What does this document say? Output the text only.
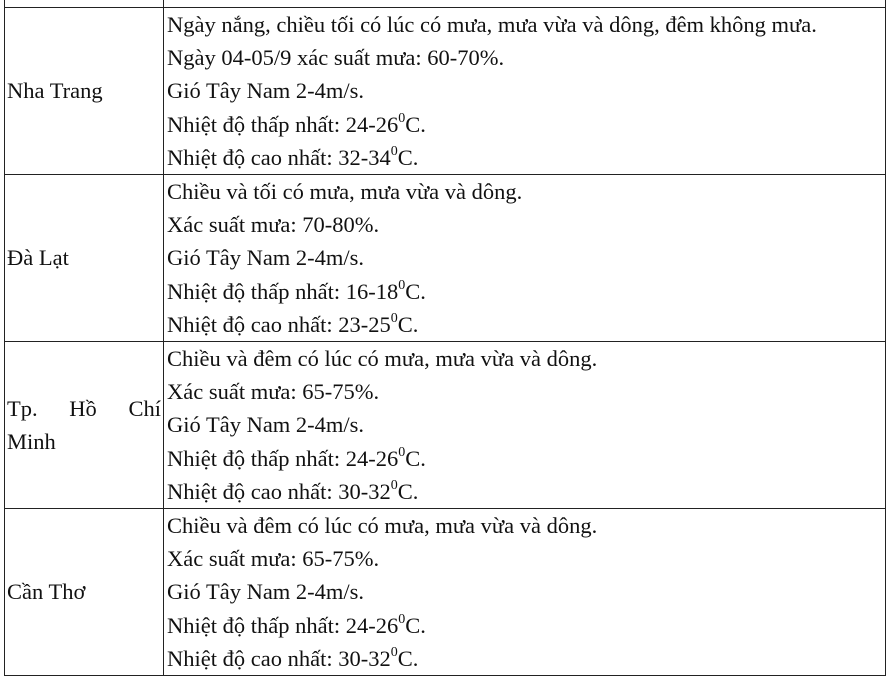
Nha Trang	Ngày nắng, chiều tối có lúc có mưa, mưa vừa và dông, đêm không mưa.

Ngày 04-05/9 xác suất mưa: 60-70%.

Gió Tây Nam 2-4m/s.

Nhiệt độ thấp nhất: $24-26^0C$.

Nhiệt độ cao nhất: $32-34^0C$.

Đà Lạt	Chiều và tối có mưa, mưa vừa và dông.

Xác suất mưa: 70-80%.

Gió Tây Nam 2-4m/s.

Nhiệt độ thấp nhất: $16-18^0C$.

Nhiệt độ cao nhất: $23-25^0C$.

Tp. Hồ Chí Minh	Chiều và đêm có lúc có mưa, mưa vừa và dông.

Xác suất mưa: 65-75%.

Gió Tây Nam 2-4m/s.

Nhiệt độ thấp nhất: $24-26^0C$.

Nhiệt độ cao nhất: $30-32^0C$.

Cần Thơ	Chiều và đêm có lúc có mưa, mưa vừa và dông.

Xác suất mưa: 65-75%.

Gió Tây Nam 2-4m/s.

Nhiệt độ thấp nhất: $24-26^0C$.

Nhiệt độ cao nhất: $30-32^0C$.
